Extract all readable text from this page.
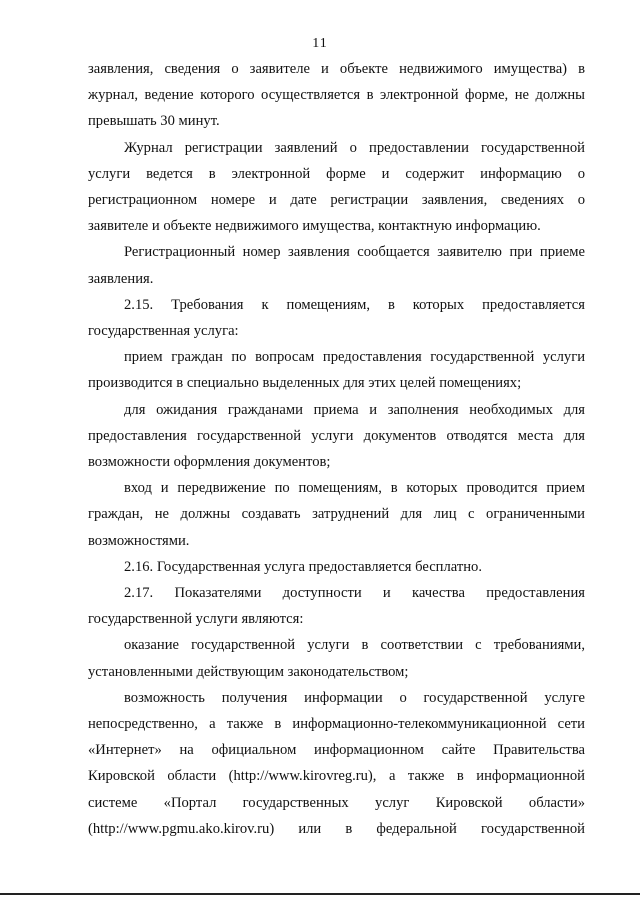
11

заявления, сведения о заявителе и объекте недвижимого имущества) в
журнал, ведение которого осуществляется в электронной форме, не должны
превышать 30 минут.

Журнал регистрации заявлений о предоставлении государственной
услуги ведется в электронной форме и содержит информацию о
регистрационном номере и дате регистрации заявления, сведениях о
заявителе и объекте недвижимого имущества, контактную информацию.

Регистрационный номер заявления сообщается заявителю при приеме
заявления.

2.15. Требования к помещениям, в которых предоставляется
государственная услуга:

прием граждан по вопросам предоставления государственной услуги
производится в специально выделенных для этих целей помещениях;

для ожидания гражданами приема и заполнения необходимых для
предоставления государственной услуги документов отводятся места для
возможности оформления документов;

вход и передвижение по помещениям, в которых проводится прием
граждан, не должны создавать затруднений для лиц с ограниченными
возможностями.

2.16. Государственная услуга предоставляется бесплатно.

2.17. Показателями доступности и качества предоставления
государственной услуги являются:

оказание государственной услуги в соответствии с требованиями,
установленными действующим законодательством;

возможность получения информации о государственной услуге
непосредственно, а также в информационно-телекоммуникационной сети
«Интернет» на официальном информационном сайте Правительства
Кировской области (http://www.kirovreg.ru), а также в информационной
системе «Портал государственных услуг Кировской области»
(http://www.pgmu.ako.kirov.ru) или в федеральной государственной
